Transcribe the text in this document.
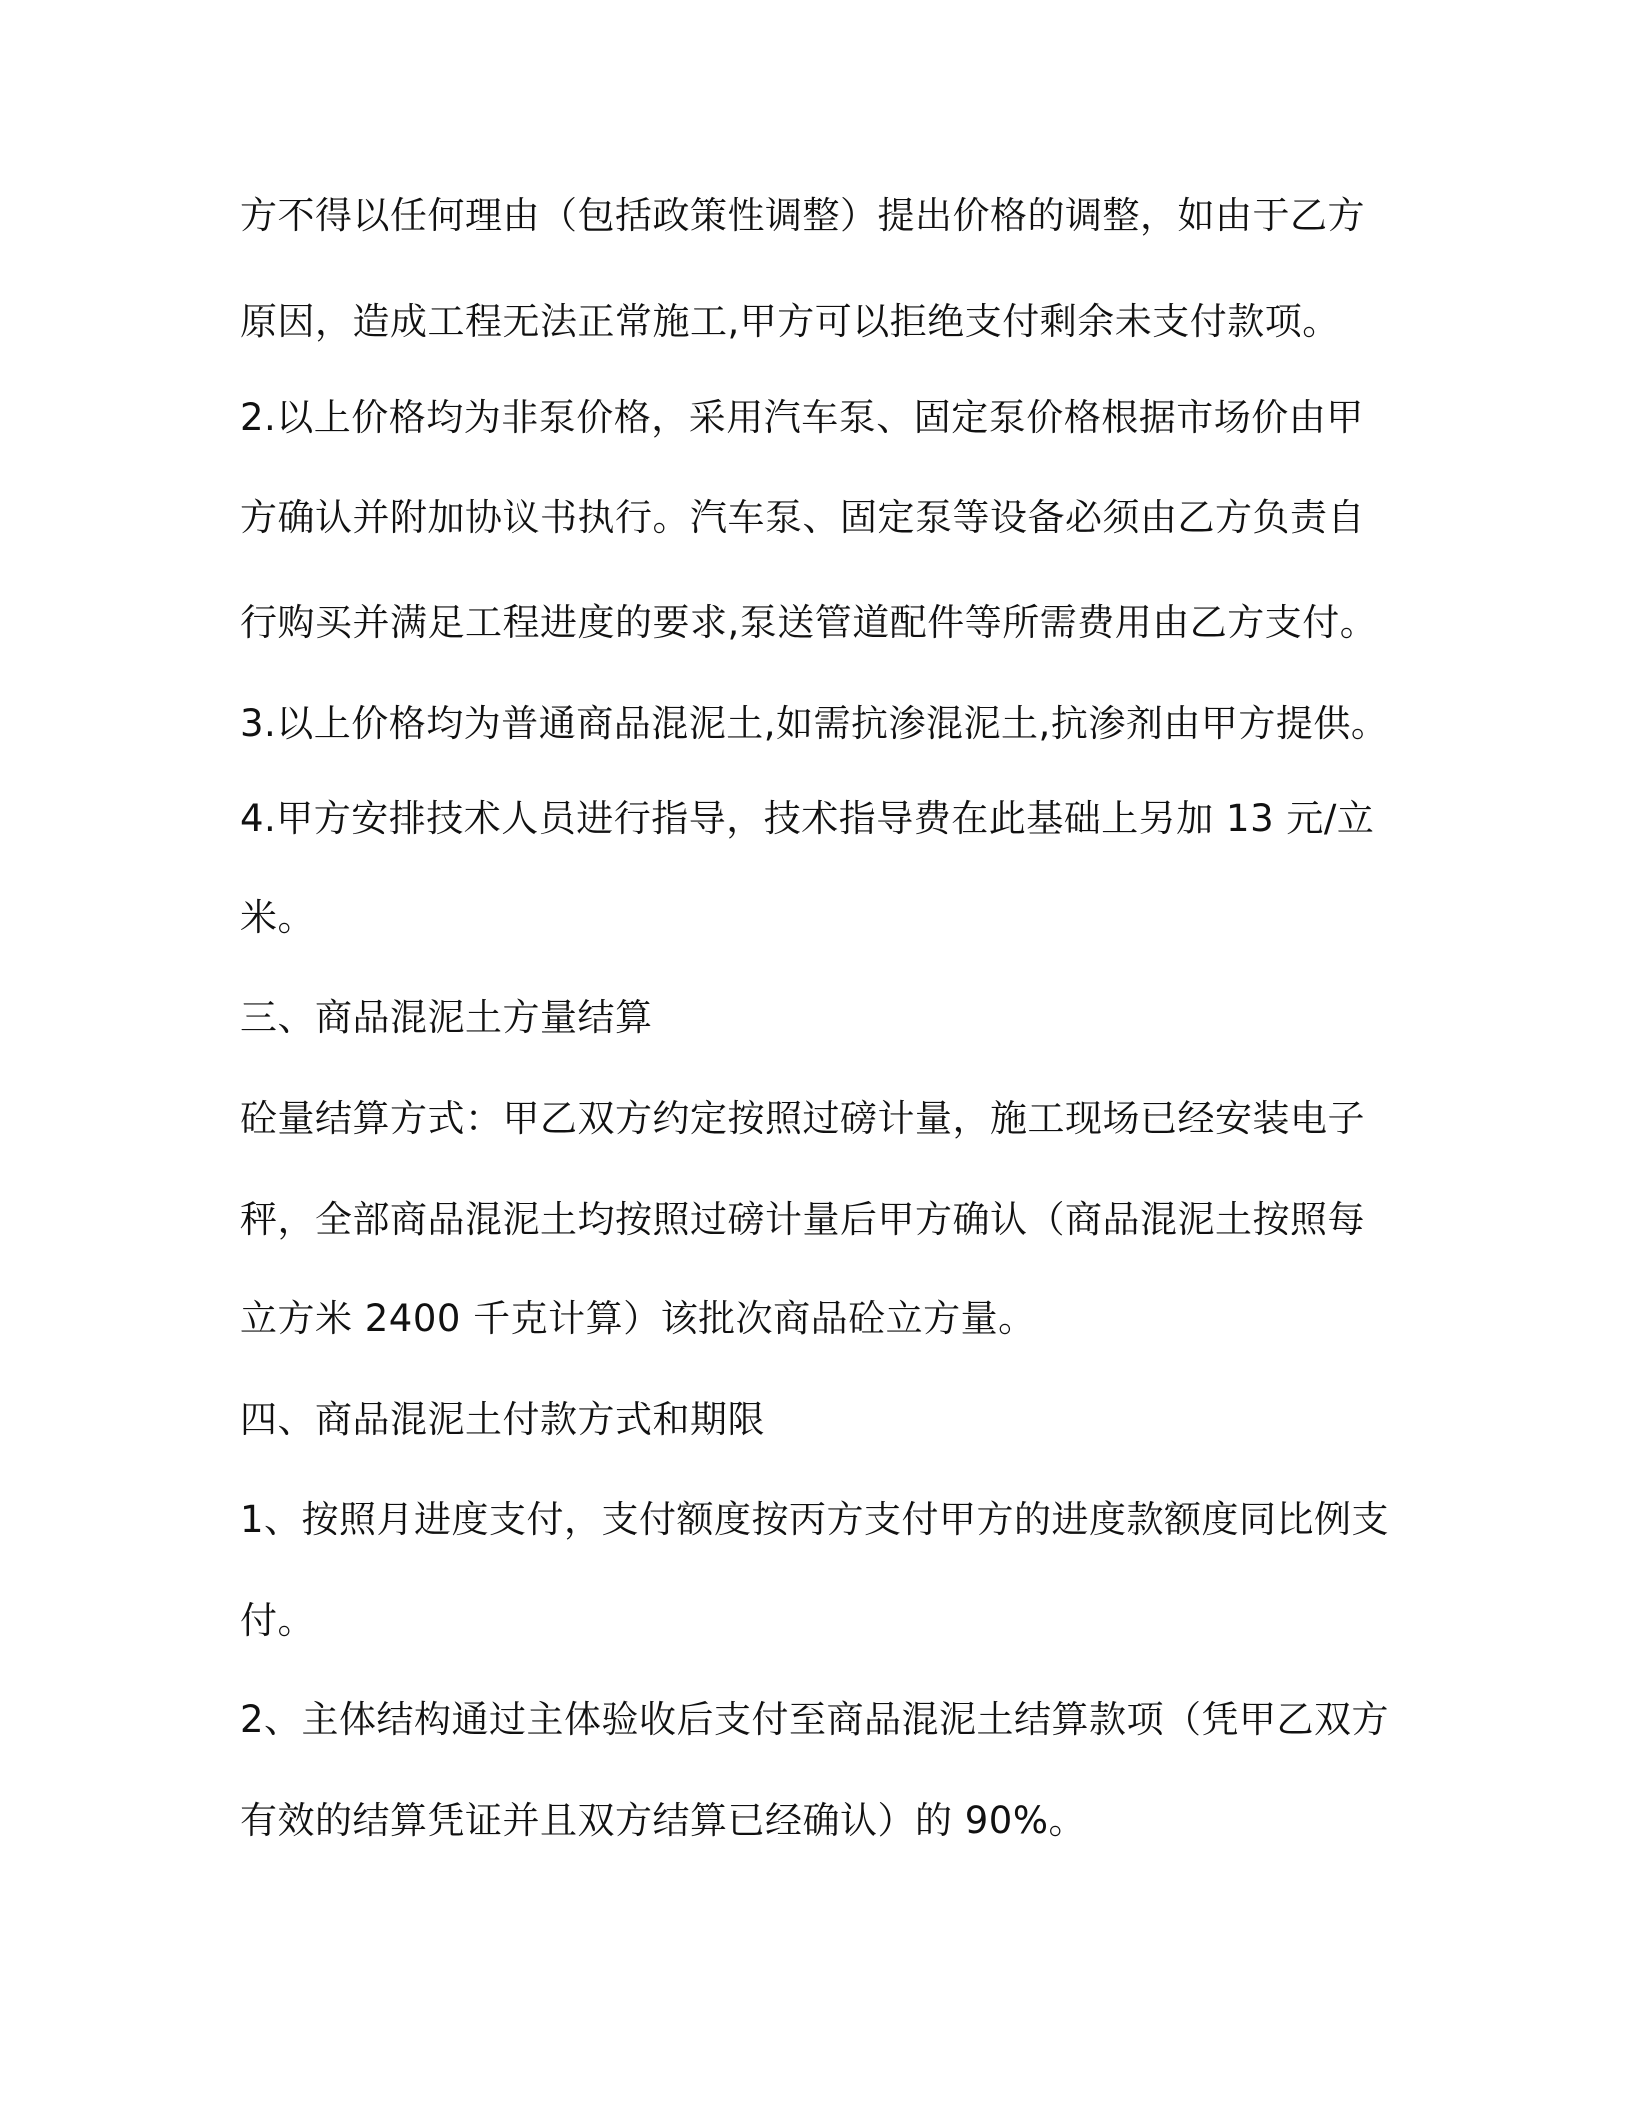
方不得以任何理由（包括政策性调整）提出价格的调整，如由于乙方
原因，造成工程无法正常施工,甲方可以拒绝支付剩余未支付款项。
2.以上价格均为非泵价格，采用汽车泵、固定泵价格根据市场价由甲
方确认并附加协议书执行。汽车泵、固定泵等设备必须由乙方负责自
行购买并满足工程进度的要求,泵送管道配件等所需费用由乙方支付。
3.以上价格均为普通商品混泥土,如需抗渗混泥土,抗渗剂由甲方提供。
4.甲方安排技术人员进行指导，技术指导费在此基础上另加 13 元/立
米。
三、商品混泥土方量结算
砼量结算方式：甲乙双方约定按照过磅计量，施工现场已经安装电子
秤，全部商品混泥土均按照过磅计量后甲方确认（商品混泥土按照每
立方米 2400 千克计算）该批次商品砼立方量。
四、商品混泥土付款方式和期限
1、按照月进度支付，支付额度按丙方支付甲方的进度款额度同比例支
付。
2、主体结构通过主体验收后支付至商品混泥土结算款项（凭甲乙双方
有效的结算凭证并且双方结算已经确认）的 90%。
